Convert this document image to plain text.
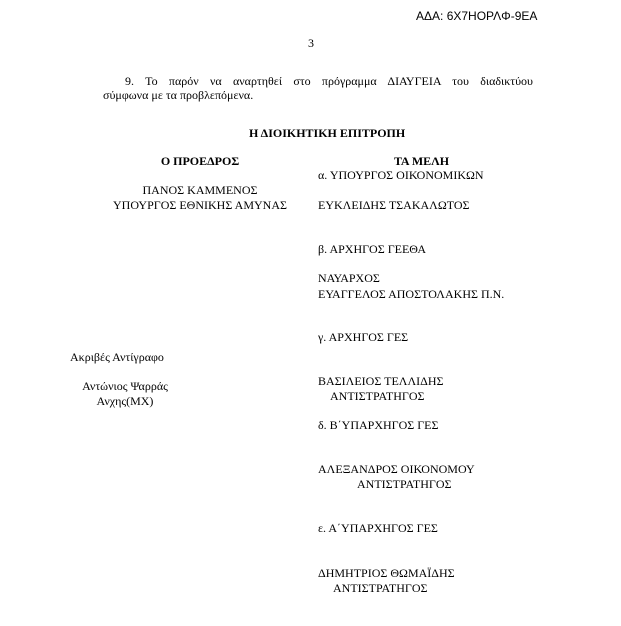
ΑΔΑ: 6Χ7ΗΟΡΛΦ-9ΕΑ
3

9. Το παρόν να αναρτηθεί στο πρόγραμμα ΔΙΑΥΓΕΙΑ του διαδικτύου

σύμφωνα με τα προβλεπόμενα.

Η ΔΙΟΙΚΗΤΙΚΗ ΕΠΙΤΡΟΠΗ
Ο ΠΡΟΕΔΡΟΣ
ΠΑΝΟΣ ΚΑΜΜΕΝΟΣ
ΥΠΟΥΡΓΟΣ ΕΘΝΙΚΗΣ ΑΜΥΝΑΣ
ΤΑ ΜΕΛΗ
α. ΥΠΟΥΡΓΟΣ ΟΙΚΟΝΟΜΙΚΩΝ
ΕΥΚΛΕΙΔΗΣ ΤΣΑΚΑΛΩΤΟΣ
β. ΑΡΧΗΓΟΣ ΓΕΕΘΑ
ΝΑΥΑΡΧΟΣ
ΕΥΑΓΓΕΛΟΣ ΑΠΟΣΤΟΛΑΚΗΣ Π.Ν.
γ. ΑΡΧΗΓΟΣ ΓΕΣ
ΒΑΣΙΛΕΙΟΣ ΤΕΛΛΙΔΗΣ
ΑΝΤΙΣΤΡΑΤΗΓΟΣ
δ. Β΄ΥΠΑΡΧΗΓΟΣ ΓΕΣ
ΑΛΕΞΑΝΔΡΟΣ ΟΙΚΟΝΟΜΟΥ
ΑΝΤΙΣΤΡΑΤΗΓΟΣ
ε. Α΄ΥΠΑΡΧΗΓΟΣ ΓΕΣ
ΔΗΜΗΤΡΙΟΣ ΘΩΜΑΪΔΗΣ
ΑΝΤΙΣΤΡΑΤΗΓΟΣ
Ακριβές Αντίγραφο
Αντώνιος Ψαρράς
Ανχης(ΜΧ)
